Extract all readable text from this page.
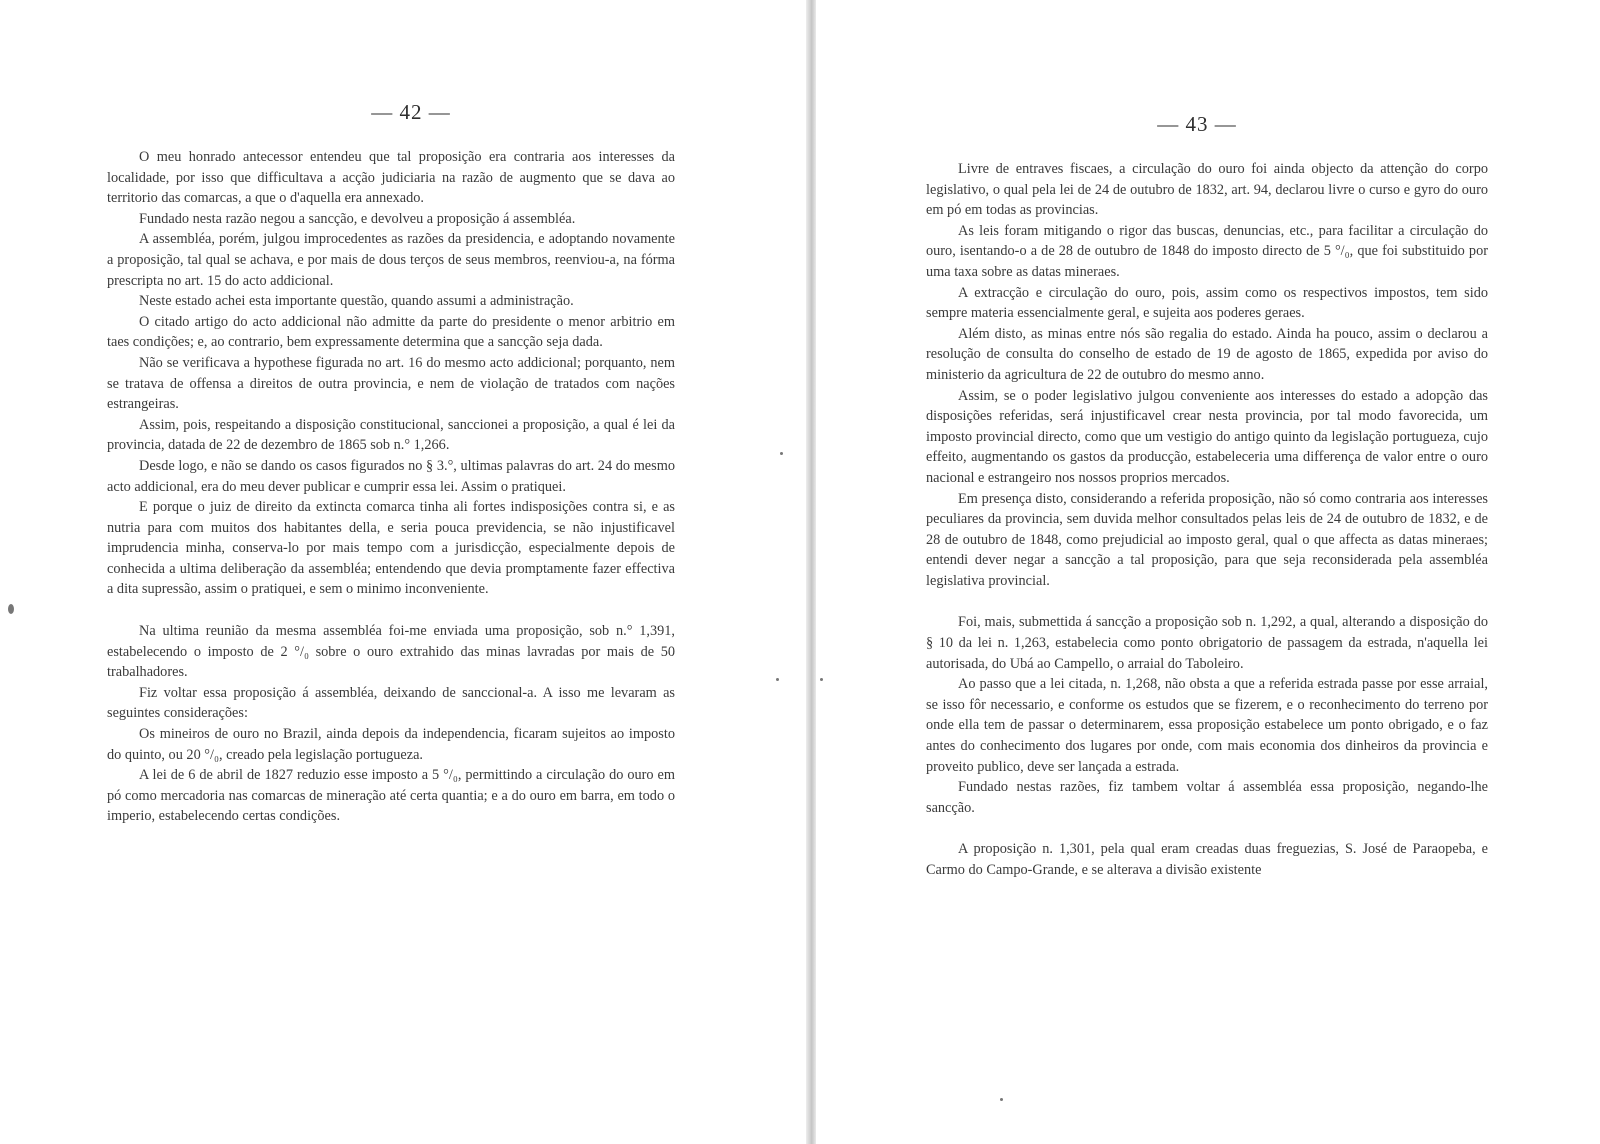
— 42 —

O meu honrado antecessor entendeu que tal proposição era contraria aos interesses da localidade, por isso que difficultava a acção judiciaria na razão de augmento que se dava ao territorio das comarcas, a que o d'aquella era annexado.

Fundado nesta razão negou a sancção, e devolveu a proposição á assembléa.

A assembléa, porém, julgou improcedentes as razões da presidencia, e adoptando novamente a proposição, tal qual se achava, e por mais de dous terços de seus membros, reenviou-a, na fórma prescripta no art. 15 do acto addicional.

Neste estado achei esta importante questão, quando assumi a administração.

O citado artigo do acto addicional não admitte da parte do presidente o menor arbitrio em taes condições; e, ao contrario, bem expressamente determina que a sancção seja dada.

Não se verificava a hypothese figurada no art. 16 do mesmo acto addicional; porquanto, nem se tratava de offensa a direitos de outra provincia, e nem de violação de tratados com nações estrangeiras.

Assim, pois, respeitando a disposição constitucional, sanccionei a proposição, a qual é lei da provincia, datada de 22 de dezembro de 1865 sob n.° 1,266.

Desde logo, e não se dando os casos figurados no § 3.°, ultimas palavras do art. 24 do mesmo acto addicional, era do meu dever publicar e cumprir essa lei. Assim o pratiquei.

E porque o juiz de direito da extincta comarca tinha ali fortes indisposições contra si, e as nutria para com muitos dos habitantes della, e seria pouca previdencia, se não injustificavel imprudencia minha, conserva-lo por mais tempo com a jurisdicção, especialmente depois de conhecida a ultima deliberação da assembléa; entendendo que devia promptamente fazer effectiva a dita supressão, assim o pratiquei, e sem o minimo inconveniente.

Na ultima reunião da mesma assembléa foi-me enviada uma proposição, sob n.° 1,391, estabelecendo o imposto de 2 °/₀ sobre o ouro extrahido das minas lavradas por mais de 50 trabalhadores.

Fiz voltar essa proposição á assembléa, deixando de sanccional-a. A isso me levaram as seguintes considerações:

Os mineiros de ouro no Brazil, ainda depois da independencia, ficaram sujeitos ao imposto do quinto, ou 20 °/₀, creado pela legislação portugueza.

A lei de 6 de abril de 1827 reduzio esse imposto a 5 °/₀, permittindo a circulação do ouro em pó como mercadoria nas comarcas de mineração até certa quantia; e a do ouro em barra, em todo o imperio, estabelecendo certas condições.

— 43 —

Livre de entraves fiscaes, a circulação do ouro foi ainda objecto da attenção do corpo legislativo, o qual pela lei de 24 de outubro de 1832, art. 94, declarou livre o curso e gyro do ouro em pó em todas as provincias.

As leis foram mitigando o rigor das buscas, denuncias, etc., para facilitar a circulação do ouro, isentando-o a de 28 de outubro de 1848 do imposto directo de 5 °/₀, que foi substituido por uma taxa sobre as datas mineraes.

A extracção e circulação do ouro, pois, assim como os respectivos impostos, tem sido sempre materia essencialmente geral, e sujeita aos poderes geraes.

Além disto, as minas entre nós são regalia do estado. Ainda ha pouco, assim o declarou a resolução de consulta do conselho de estado de 19 de agosto de 1865, expedida por aviso do ministerio da agricultura de 22 de outubro do mesmo anno.

Assim, se o poder legislativo julgou conveniente aos interesses do estado a adopção das disposições referidas, será injustificavel crear nesta provincia, por tal modo favorecida, um imposto provincial directo, como que um vestigio do antigo quinto da legislação portugueza, cujo effeito, augmentando os gastos da producção, estabeleceria uma differença de valor entre o ouro nacional e estrangeiro nos nossos proprios mercados.

Em presença disto, considerando a referida proposição, não só como contraria aos interesses peculiares da provincia, sem duvida melhor consultados pelas leis de 24 de outubro de 1832, e de 28 de outubro de 1848, como prejudicial ao imposto geral, qual o que affecta as datas mineraes; entendi dever negar a sancção a tal proposição, para que seja reconsiderada pela assembléa legislativa provincial.

Foi, mais, submettida á sancção a proposição sob n. 1,292, a qual, alterando a disposição do § 10 da lei n. 1,263, estabelecia como ponto obrigatorio de passagem da estrada, n'aquella lei autorisada, do Ubá ao Campello, o arraial do Taboleiro.

Ao passo que a lei citada, n. 1,268, não obsta a que a referida estrada passe por esse arraial, se isso fôr necessario, e conforme os estudos que se fizerem, e o reconhecimento do terreno por onde ella tem de passar o determinarem, essa proposição estabelece um ponto obrigado, e o faz antes do conhecimento dos lugares por onde, com mais economia dos dinheiros da provincia e proveito publico, deve ser lançada a estrada.

Fundado nestas razões, fiz tambem voltar á assembléa essa proposição, negando-lhe sancção.

A proposição n. 1,301, pela qual eram creadas duas freguezias, S. José de Paraopeba, e Carmo do Campo-Grande, e se alterava a divisão existente
